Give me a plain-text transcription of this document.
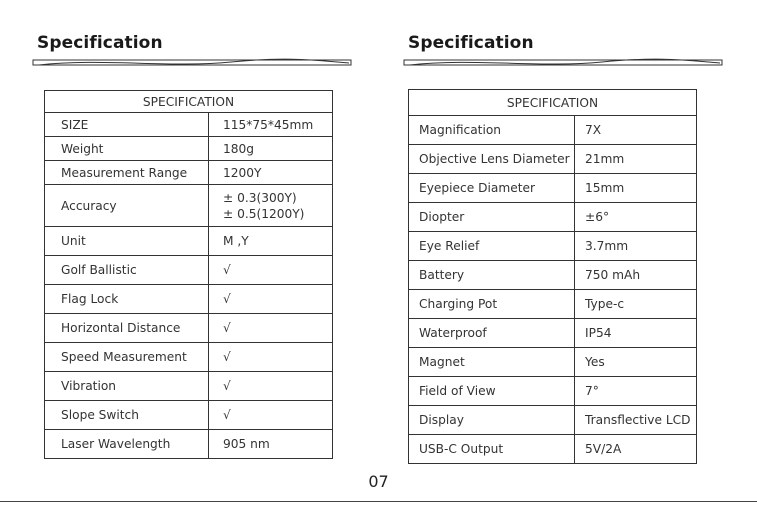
Specification	Specification
SPECIFICATION	
SIZE	115*75*45mm
Weight	180g
Measurement Range	1200Y
Accuracy	± 0.3(300Y)
± 0.5(1200Y)

Unit	M ,Y
Golf Ballistic	√
Flag Lock	√
Horizontal Distance	√
Speed Measurement	√
Vibration	√
Slope Switch	√
Laser Wavelength	905 nm
SPECIFICATION	
Magnification	7X
Objective Lens Diameter	21mm
Eyepiece Diameter	15mm
Diopter	±6°
Eye Relief	3.7mm
Battery	750 mAh
Charging Pot	Type-c
Waterproof	IP54
Magnet	Yes
Field of View	7°
Display	Transflective LCD
USB-C Output	5V/2A
07
